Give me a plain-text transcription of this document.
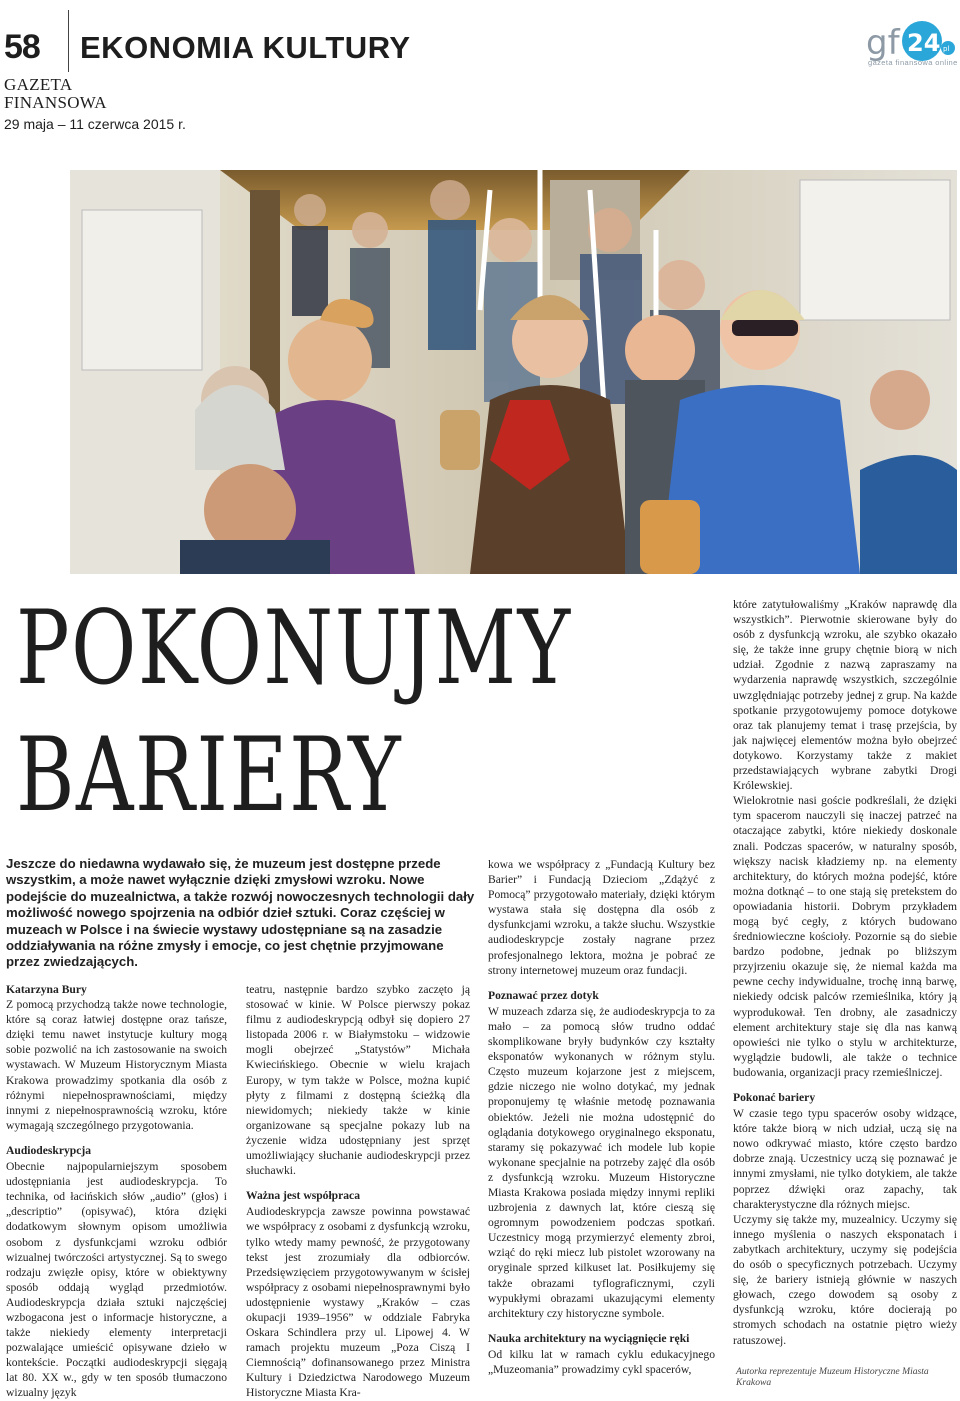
58 EKONOMIA KULTURY
GAZETA
FINANSOWA
29 maja – 11 czerwca 2015 r.
gf 24 pl
gazeta finansowa online
POKONUJMY
BARIERY
Jeszcze do niedawna wydawało się, że muzeum jest dostępne przede wszystkim, a może nawet wyłącznie dzięki zmysłowi wzroku. Nowe podejście do muzealnictwa, a także rozwój nowoczesnych technologii dały możliwość nowego spojrzenia na odbiór dzieł sztuki. Coraz częściej w muzeach w Polsce i na świecie wystawy udostępniane są na zasadzie oddziaływania na różne zmysły i emocje, co jest chętnie przyjmowane przez zwiedzających.

Katarzyna Bury

Z pomocą przychodzą także nowe technologie, które są coraz łatwiej dostępne oraz tańsze, dzięki temu nawet instytucje kultury mogą sobie pozwolić na ich zastosowanie na swoich wystawach. W Muzeum Historycznym Miasta Krakowa prowadzimy spotkania dla osób z różnymi niepełnosprawnościami, między innymi z niepełnosprawnością wzroku, które wymagają szczególnego przygotowania.

Audiodeskrypcja

Obecnie najpopularniejszym sposobem udostępniania jest audiodeskrypcja. To technika, od łacińskich słów „audio” (głos) i „descriptio” (opisywać), która dzięki dodatkowym słownym opisom umożliwia osobom z dysfunkcjami wzroku odbiór wizualnej twórczości artystycznej. Są to swego rodzaju zwięzłe opisy, które w obiektywny sposób oddają wygląd przedmiotów. Audiodeskrypcja działa sztuki najczęściej wzbogacona jest o informacje historyczne, a także niekiedy elementy interpretacji pozwalające umieścić opisywane dzieło w kontekście. Początki audiodeskrypcji sięgają lat 80. XX w., gdy w ten sposób tłumaczono wizualny język

teatru, następnie bardzo szybko zaczęto ją stosować w kinie. W Polsce pierwszy pokaz filmu z audiodeskrypcją odbył się dopiero 27 listopada 2006 r. w Białymstoku – widzowie mogli obejrzeć „Statystów” Michała Kwiecińskiego. Obecnie w wielu krajach Europy, w tym także w Polsce, można kupić płyty z filmami z dostępną ścieżką dla niewidomych; niekiedy także w kinie organizowane są specjalne pokazy lub na życzenie widza udostępniany jest sprzęt umożliwiający słuchanie audiodeskrypcji przez słuchawki.

Ważna jest współpraca

Audiodeskrypcja zawsze powinna powstawać we współpracy z osobami z dysfunkcją wzroku, tylko wtedy mamy pewność, że przygotowany tekst jest zrozumiały dla odbiorców. Przedsięwzięciem przygotowywanym w ścisłej współpracy z osobami niepełnosprawnymi było udostępnienie wystawy „Kraków – czas okupacji 1939–1956” w oddziale Fabryka Oskara Schindlera przy ul. Lipowej 4. W ramach projektu muzeum „Poza Ciszą I Ciemnością” dofinansowanego przez Ministra Kultury i Dziedzictwa Narodowego Muzeum Historyczne Miasta Kra-

kowa we współpracy z „Fundacją Kultury bez Barier” i Fundacją Dzieciom „Zdążyć z Pomocą” przygotowało materiały, dzięki którym wystawa stała się dostępna dla osób z dysfunkcjami wzroku, a także słuchu. Wszystkie audiodeskrypcje zostały nagrane przez profesjonalnego lektora, można je pobrać ze strony internetowej muzeum oraz fundacji.

Poznawać przez dotyk

W muzeach zdarza się, że audiodeskrypcja to za mało – za pomocą słów trudno oddać skomplikowane bryły budynków czy kształty eksponatów wykonanych w różnym stylu. Często muzeum kojarzone jest z miejscem, gdzie niczego nie wolno dotykać, my jednak proponujemy tę właśnie metodę poznawania obiektów. Jeżeli nie można udostępnić do oglądania dotykowego oryginalnego eksponatu, staramy się pokazywać ich modele lub kopie wykonane specjalnie na potrzeby zajęć dla osób z dysfunkcją wzroku. Muzeum Historyczne Miasta Krakowa posiada między innymi repliki uzbrojenia z dawnych lat, które cieszą się ogromnym powodzeniem podczas spotkań. Uczestnicy mogą przymierzyć elementy zbroi, wziąć do ręki miecz lub pistolet wzorowany na oryginale sprzed kilkuset lat. Posiłkujemy się także obrazami tyflograficznymi, czyli wypukłymi obrazami ukazującymi elementy architektury czy historyczne symbole.

Nauka architektury na wyciągnięcie ręki

Od kilku lat w ramach cyklu edukacyjnego „Muzeomania” prowadzimy cykl spacerów,

które zatytułowaliśmy „Kraków naprawdę dla wszystkich”. Pierwotnie skierowane były do osób z dysfunkcją wzroku, ale szybko okazało się, że także inne grupy chętnie biorą w nich udział. Zgodnie z nazwą zapraszamy na wydarzenia naprawdę wszystkich, szczególnie uwzględniając potrzeby jednej z grup. Na każde spotkanie przygotowujemy pomoce dotykowe oraz tak planujemy temat i trasę przejścia, by jak najwięcej elementów można było obejrzeć dotykowo. Korzystamy także z makiet przedstawiających wybrane zabytki Drogi Królewskiej.

Wielokrotnie nasi goście podkreślali, że dzięki tym spacerom nauczyli się inaczej patrzeć na otaczające zabytki, które niekiedy doskonale znali. Podczas spacerów, w naturalny sposób, większy nacisk kładziemy np. na elementy architektury, do których można podejść, które można dotknąć – to one stają się pretekstem do opowiadania historii. Dobrym przykładem mogą być cegły, z których budowano średniowieczne kościoły. Pozornie są do siebie bardzo podobne, jednak po bliższym przyjrzeniu okazuje się, że niemal każda ma pewne cechy indywidualne, trochę inną barwę, niekiedy odcisk palców rzemieślnika, który ją wyprodukował. Ten drobny, ale zasadniczy element architektury staje się dla nas kanwą opowieści nie tylko o stylu w architekturze, wyglądzie budowli, ale także o technice budowania, organizacji pracy rzemieślniczej.

Pokonać bariery

W czasie tego typu spacerów osoby widzące, które także biorą w nich udział, uczą się na nowo odkrywać miasto, które często bardzo dobrze znają. Uczestnicy uczą się poznawać je innymi zmysłami, nie tylko dotykiem, ale także poprzez dźwięki oraz zapachy, tak charakterystyczne dla różnych miejsc.

Uczymy się także my, muzealnicy. Uczymy się innego myślenia o naszych eksponatach i zabytkach architektury, uczymy się podejścia do osób o specyficznych potrzebach. Uczymy się, że bariery istnieją głównie w naszych głowach, czego dowodem są osoby z dysfunkcją wzroku, które docierają po stromych schodach na ostatnie piętro wieży ratuszowej.

Autorka reprezentuje Muzeum Historyczne Miasta Krakowa
